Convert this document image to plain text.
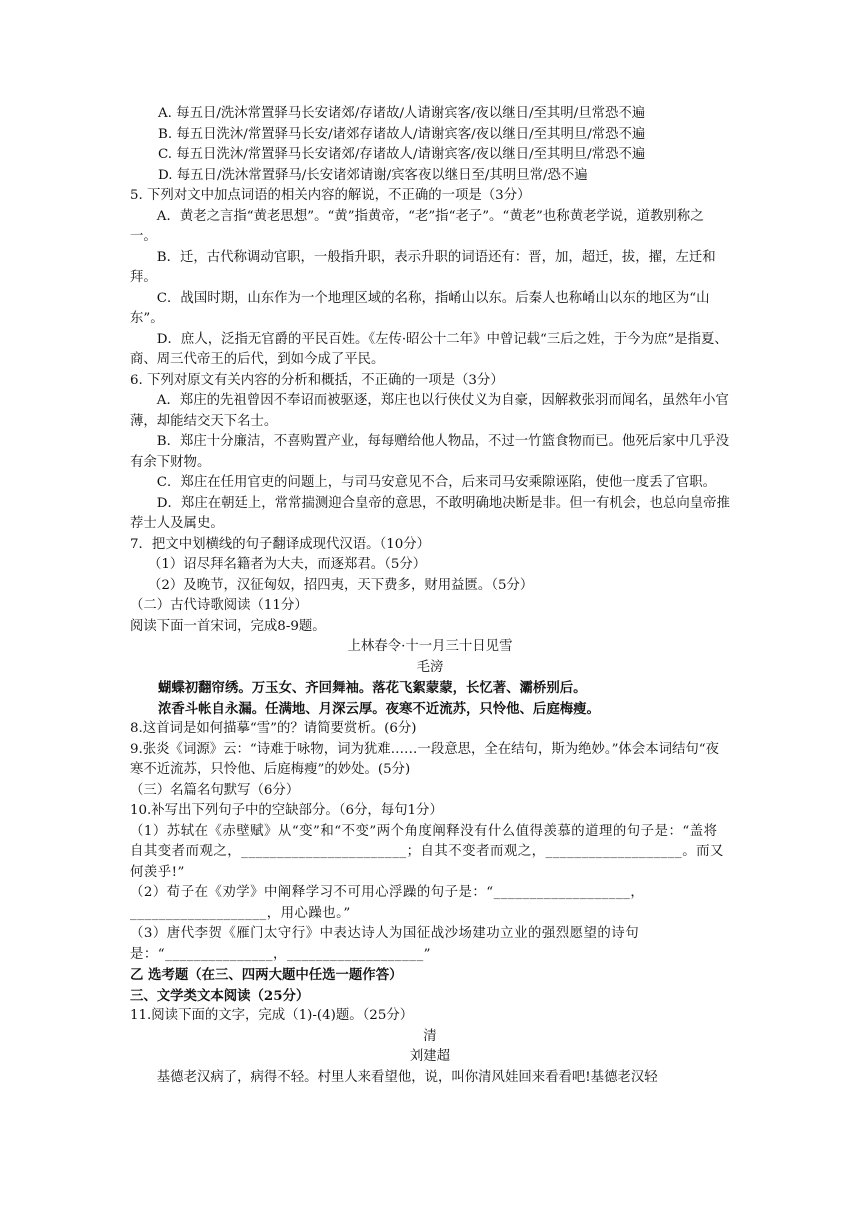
A. 每五日/洗沐常置驿马长安诸郊/存诸故/人请谢宾客/夜以继日/至其明/旦常恐不遍
B. 每五日洗沐/常置驿马长安/诸郊存诸故人/请谢宾客/夜以继日/至其明旦/常恐不遍
C. 每五日洗沐/常置驿马长安诸郊/存诸故人/请谢宾客/夜以继日/至其明旦/常恐不遍
D. 每五日/洗沐常置驿马/长安诸郊请谢/宾客夜以继日至/其明旦常/恐不遍
5. 下列对文中加点词语的相关内容的解说，不正确的一项是（3分）
A．黄老之言指“黄老思想”。“黄”指黄帝，“老”指“老子”。“黄老”也称黄老学说，道教别称之一。
B．迁，古代称调动官职，一般指升职，表示升职的词语还有：晋，加，超迁，拔，擢，左迁和拜。
C．战国时期，山东作为一个地理区域的名称，指崤山以东。后秦人也称崤山以东的地区为“山东”。
D．庶人，泛指无官爵的平民百姓。《左传·昭公十二年》中曾记载“三后之姓，于今为庶”是指夏、商、周三代帝王的后代，到如今成了平民。
6. 下列对原文有关内容的分析和概括，不正确的一项是（3分）
A．郑庄的先祖曾因不奉诏而被驱逐，郑庄也以行侠仗义为自豪，因解救张羽而闻名，虽然年小官薄，却能结交天下名士。
B．郑庄十分廉洁，不喜购置产业，每每赠给他人物品，不过一竹篮食物而已。他死后家中几乎没有余下财物。
C．郑庄在任用官吏的问题上，与司马安意见不合，后来司马安乘隙诬陷，使他一度丢了官职。
D．郑庄在朝廷上，常常揣测迎合皇帝的意思，不敢明确地决断是非。但一有机会，也总向皇帝推荐士人及属史。
7．把文中划横线的句子翻译成现代汉语。（10分）
（1）诏尽拜名籍者为大夫，而逐郑君。（5分）
（2）及晚节，汉征匈奴，招四夷，天下费多，财用益匮。（5分）
（二）古代诗歌阅读（11分）
阅读下面一首宋词，完成8-9题。
上林春令·十一月三十日见雪
毛滂
蝴蝶初翻帘绣。万玉女、齐回舞袖。落花飞絮蒙蒙，长忆著、灞桥别后。
浓香斗帐自永漏。任满地、月深云厚。夜寒不近流苏，只怜他、后庭梅瘦。
8.这首词是如何描摹“雪”的？请简要赏析。(6分)
9.张炎《词源》云：“诗难于咏物，词为犹难……一段意思，全在结句，斯为绝妙。”体会本词结句“夜寒不近流苏，只怜他、后庭梅瘦”的妙处。(5分)
（三）名篇名句默写（6分）
10.补写出下列句子中的空缺部分。（6分，每句1分）
（1）苏轼在《赤壁赋》从“变”和“不变”两个角度阐释没有什么值得羡慕的道理的句子是：“盖将自其变者而观之，_______________________；自其不变者而观之，___________________。而又何羡乎!”
（2）荀子在《劝学》中阐释学习不可用心浮躁的句子是：“___________________，___________________，用心躁也。”
（3）唐代李贺《雁门太守行》中表达诗人为国征战沙场建功立业的强烈愿望的诗句是：“_______________，___________________”
乙 选考题（在三、四两大题中任选一题作答）
三、文学类文本阅读（25分）
11.阅读下面的文字，完成（1)-(4)题。（25分）
清
刘建超
基德老汉病了，病得不轻。村里人来看望他，说，叫你清风娃回来看看吧!基德老汉轻
